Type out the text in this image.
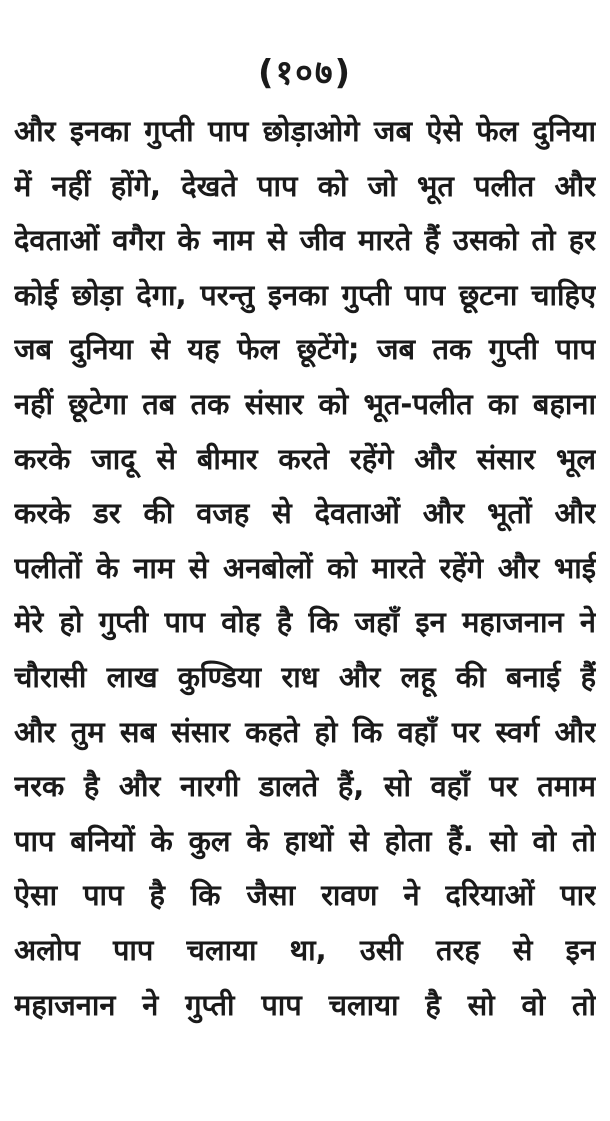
(१०७)
और इनका गुप्ती पाप छोड़ाओगे जब ऐसे फेल दुनिया
में नहीं होंगे, देखते पाप को जो भूत पलीत और
देवताओं वगैरा के नाम से जीव मारते हैं उसको तो हर
कोई छोड़ा देगा, परन्तु इनका गुप्ती पाप छूटना चाहिए
जब दुनिया से यह फेल छूटेंगे; जब तक गुप्ती पाप
नहीं छूटेगा तब तक संसार को भूत-पलीत का बहाना
करके जादू से बीमार करते रहेंगे और संसार भूल
करके डर की वजह से देवताओं और भूतों और
पलीतों के नाम से अनबोलों को मारते रहेंगे और भाई
मेरे हो गुप्ती पाप वोह है कि जहाँ इन महाजनान ने
चौरासी लाख कुण्डिया राध और लहू की बनाई हैं
और तुम सब संसार कहते हो कि वहाँ पर स्वर्ग और
नरक है और नारगी डालते हैं, सो वहाँ पर तमाम
पाप बनियों के कुल के हाथों से होता हैं. सो वो तो
ऐसा पाप है कि जैसा रावण ने दरियाओं पार
अलोप पाप चलाया था, उसी तरह से इन
महाजनान ने गुप्ती पाप चलाया है सो वो तो
